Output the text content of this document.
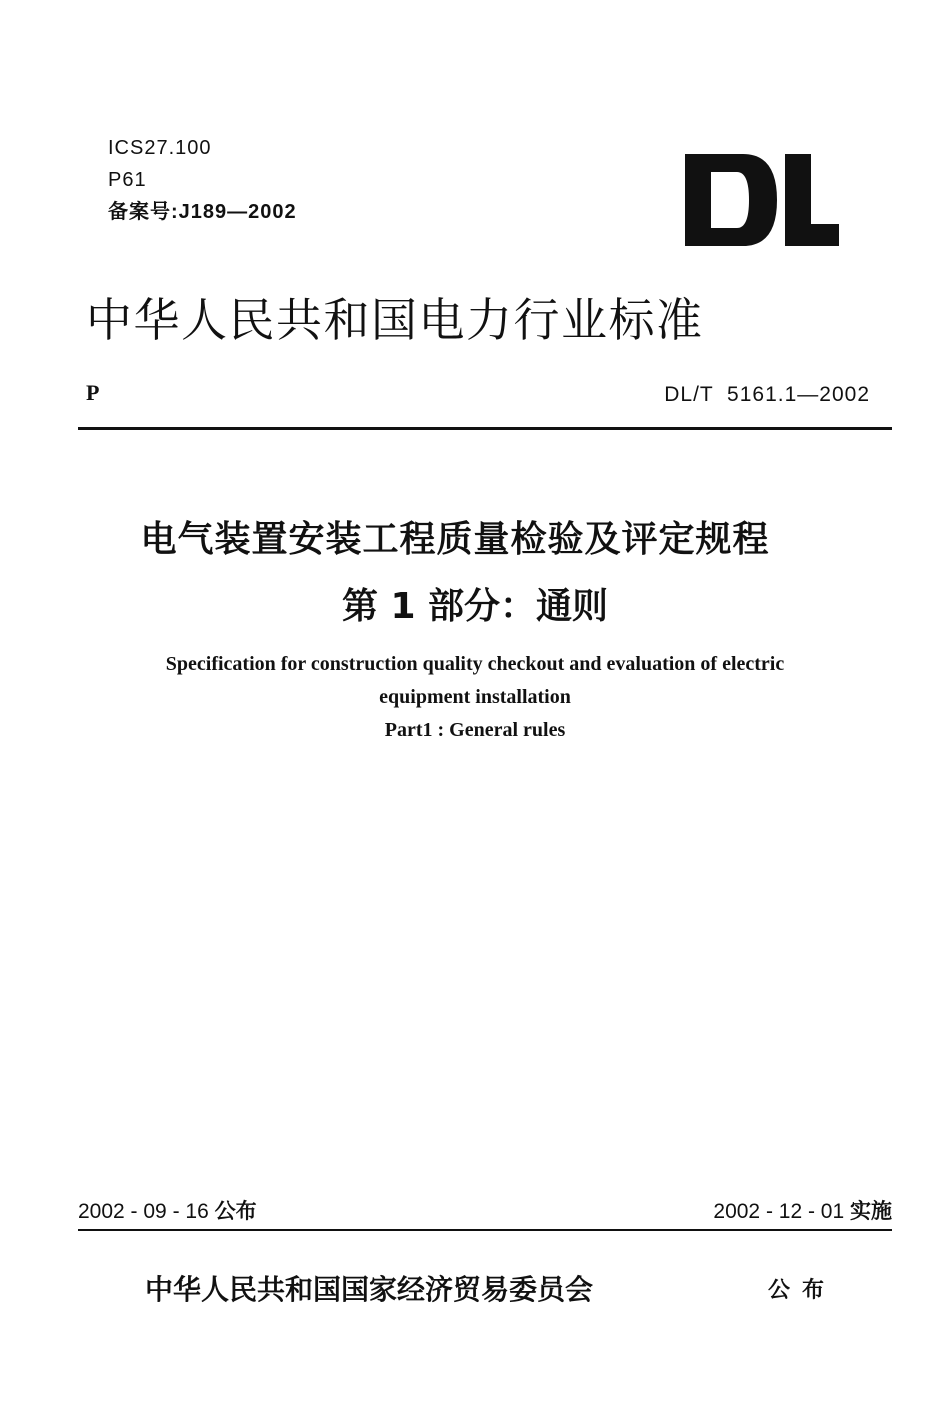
ICS27.100
P61
备案号:J189—2002
中华人民共和国电力行业标准
P	DL/T  5161.1—2002
电气装置安装工程质量检验及评定规程
第 1 部分：通则
Specification for construction quality checkout and evaluation of electric
equipment installation
Part1 : General rules
2002 - 09 - 16 公布	2002 - 12 - 01 实施
中华人民共和国国家经济贸易委员会	公布
